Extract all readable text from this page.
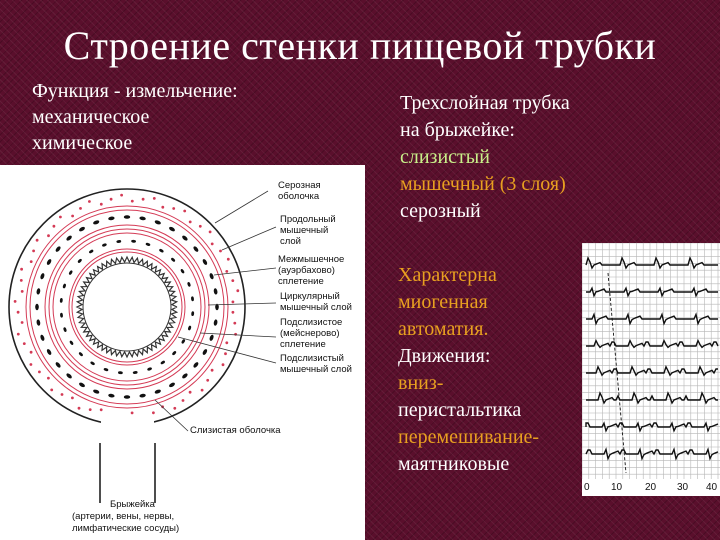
Строение стенки пищевой трубки
Функция - измельчение:
механическое
химическое
Серозная
оболочка
Продольный
мышечный
слой
Межмышечное
(ауэрбахово)
сплетение
Циркулярный
мышечный слой
Подслизистое
(мейснерово)
сплетение
Подслизистый
мышечный слой
Слизистая оболочка
Брыжейка
(артерии, вены, нервы,
лимфатические сосуды)
Трехслойная трубка
на брыжейке:
слизистый
мышечный (3 слоя)
серозный
Характерна
миогенная
автоматия.
Движения:
вниз-
перистальтика
перемешивание-
маятниковые
0 10 20 30 40
